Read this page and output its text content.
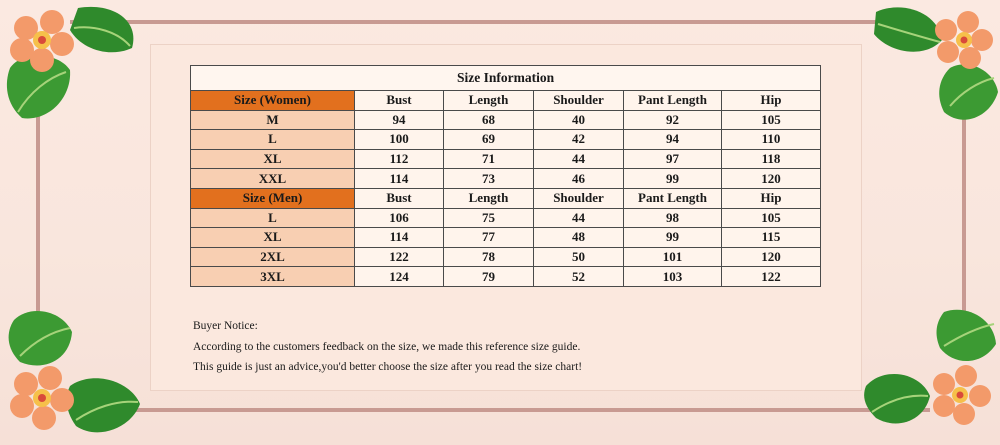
Size Information					
Size (Women)	Bust	Length	Shoulder	Pant Length	Hip
M	94	68	40	92	105
L	100	69	42	94	110
XL	112	71	44	97	118
XXL	114	73	46	99	120
Size (Men)	Bust	Length	Shoulder	Pant Length	Hip
L	106	75	44	98	105
XL	114	77	48	99	115
2XL	122	78	50	101	120
3XL	124	79	52	103	122
Buyer Notice:
According to the customers feedback on the size, we made this reference size guide.
This guide is just an advice,you'd better choose the size after you read the size chart!
